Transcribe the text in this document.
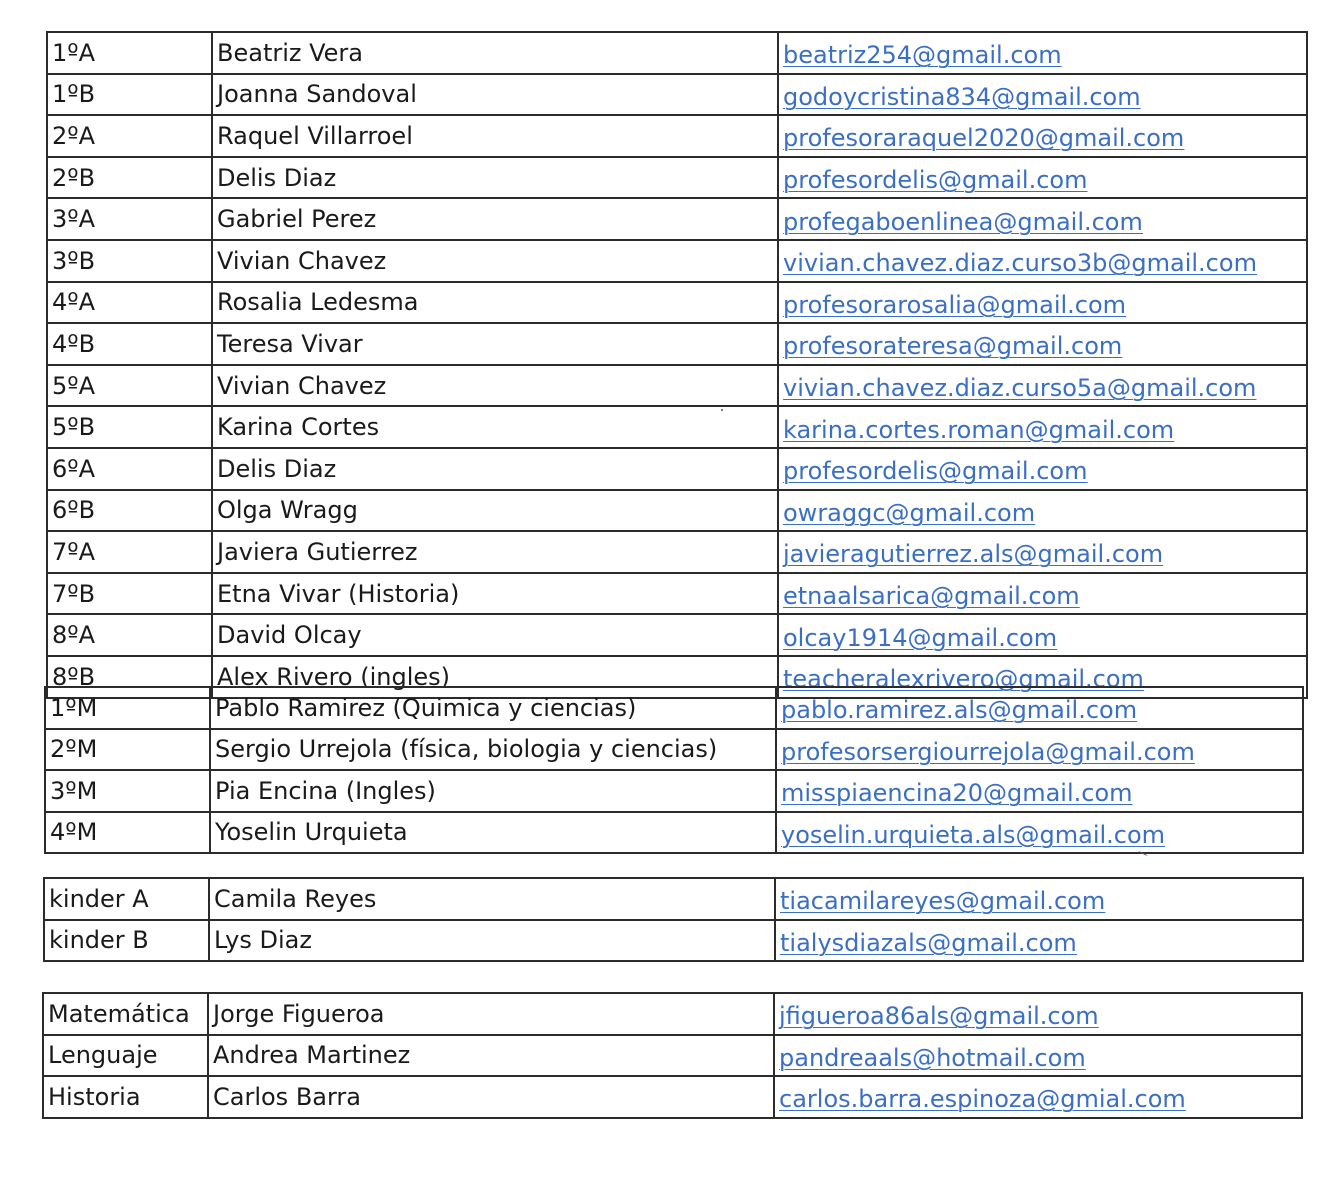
1ºA	Beatriz Vera	beatriz254@gmail.com
1ºB	Joanna Sandoval	godoycristina834@gmail.com
2ºA	Raquel Villarroel	profesoraraquel2020@gmail.com
2ºB	Delis Diaz	profesordelis@gmail.com
3ºA	Gabriel Perez	profegaboenlinea@gmail.com
3ºB	Vivian Chavez	vivian.chavez.diaz.curso3b@gmail.com
4ºA	Rosalia Ledesma	profesorarosalia@gmail.com
4ºB	Teresa Vivar	profesorateresa@gmail.com
5ºA	Vivian Chavez	vivian.chavez.diaz.curso5a@gmail.com
5ºB	Karina Cortes	karina.cortes.roman@gmail.com
6ºA	Delis Diaz	profesordelis@gmail.com
6ºB	Olga Wragg	owraggc@gmail.com
7ºA	Javiera Gutierrez	javieragutierrez.als@gmail.com
7ºB	Etna Vivar (Historia)	etnaalsarica@gmail.com
8ºA	David Olcay	olcay1914@gmail.com
8ºB	Alex Rivero (ingles)	teacheralexrivero@gmail.com
1ºM	Pablo Ramirez (Quimica y ciencias)	pablo.ramirez.als@gmail.com
2ºM	Sergio Urrejola (física, biologia y ciencias)	profesorsergiourrejola@gmail.com
3ºM	Pia Encina (Ingles)	misspiaencina20@gmail.com
4ºM	Yoselin Urquieta	yoselin.urquieta.als@gmail.com
kinder A	Camila Reyes	tiacamilareyes@gmail.com
kinder B	Lys Diaz	tialysdiazals@gmail.com
Matemática	Jorge Figueroa	jfigueroa86als@gmail.com
Lenguaje	Andrea Martinez	pandreaals@hotmail.com
Historia	Carlos Barra	carlos.barra.espinoza@gmial.com
